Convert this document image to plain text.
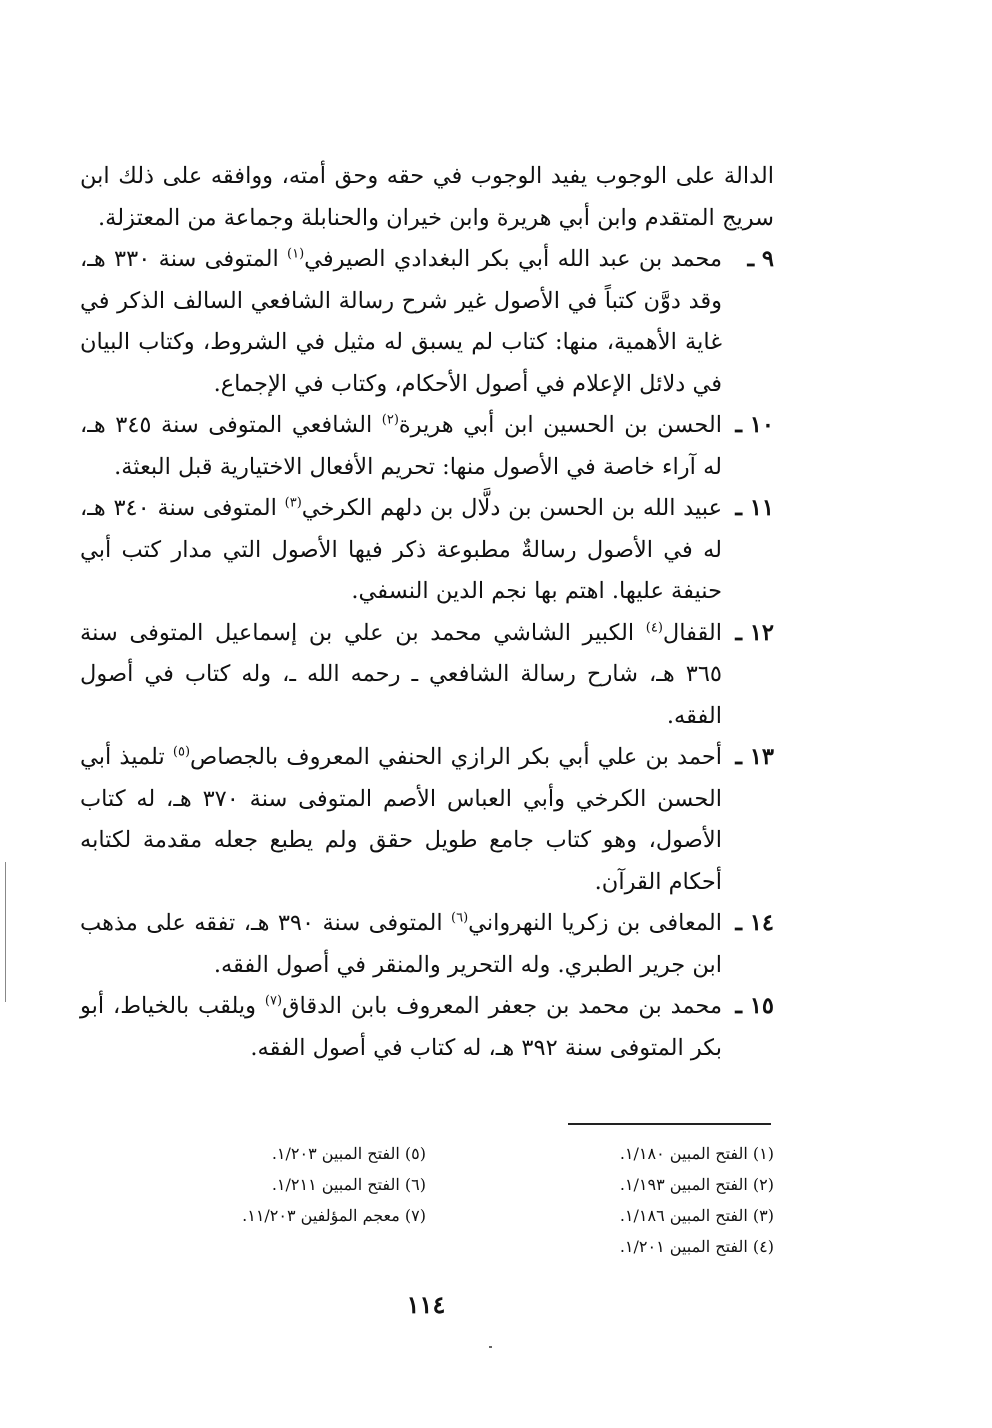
الدالة على الوجوب يفيد الوجوب في حقه وحق أمته، ووافقه على ذلك ابن سريج المتقدم وابن أبي هريرة وابن خيران والحنابلة وجماعة من المعتزلة.

٩ ـ
محمد بن عبد الله أبي بكر البغدادي الصيرفي$^{(١)}$ المتوفى سنة ٣٣٠ هـ، وقد دوَّن كتباً في الأصول غير شرح رسالة الشافعي السالف الذكر في غاية الأهمية، منها: كتاب لم يسبق له مثيل في الشروط، وكتاب البيان في دلائل الإعلام في أصول الأحكام، وكتاب في الإجماع.

١٠ ـ
الحسن بن الحسين ابن أبي هريرة$^{(٢)}$ الشافعي المتوفى سنة ٣٤٥ هـ، له آراء خاصة في الأصول منها: تحريم الأفعال الاختيارية قبل البعثة.

١١ ـ
عبيد الله بن الحسن بن دلَّال بن دلهم الكرخي$^{(٣)}$ المتوفى سنة ٣٤٠ هـ، له في الأصول رسالةٌ مطبوعة ذكر فيها الأصول التي مدار كتب أبي حنيفة عليها. اهتم بها نجم الدين النسفي.

١٢ ـ
القفال$^{(٤)}$ الكبير الشاشي محمد بن علي بن إسماعيل المتوفى سنة ٣٦٥ هـ، شارح رسالة الشافعي ـ رحمه الله ـ، وله كتاب في أصول الفقه.

١٣ ـ
أحمد بن علي أبي بكر الرازي الحنفي المعروف بالجصاص$^{(٥)}$ تلميذ أبي الحسن الكرخي وأبي العباس الأصم المتوفى سنة ٣٧٠ هـ، له كتاب الأصول، وهو كتاب جامع طويل حقق ولم يطبع جعله مقدمة لكتابه أحكام القرآن.

١٤ ـ
المعافى بن زكريا النهرواني$^{(٦)}$ المتوفى سنة ٣٩٠ هـ، تفقه على مذهب ابن جرير الطبري. وله التحرير والمنقر في أصول الفقه.

١٥ ـ
محمد بن محمد بن جعفر المعروف بابن الدقاق$^{(٧)}$ ويلقب بالخياط، أبو بكر المتوفى سنة ٣٩٢ هـ، له كتاب في أصول الفقه.

(١) الفتح المبين ١/١٨٠.

(٢) الفتح المبين ١/١٩٣.

(٣) الفتح المبين ١/١٨٦.

(٤) الفتح المبين ١/٢٠١.

(٥) الفتح المبين ١/٢٠٣.

(٦) الفتح المبين ١/٢١١.

(٧) معجم المؤلفين ١١/٢٠٣.

١١٤
